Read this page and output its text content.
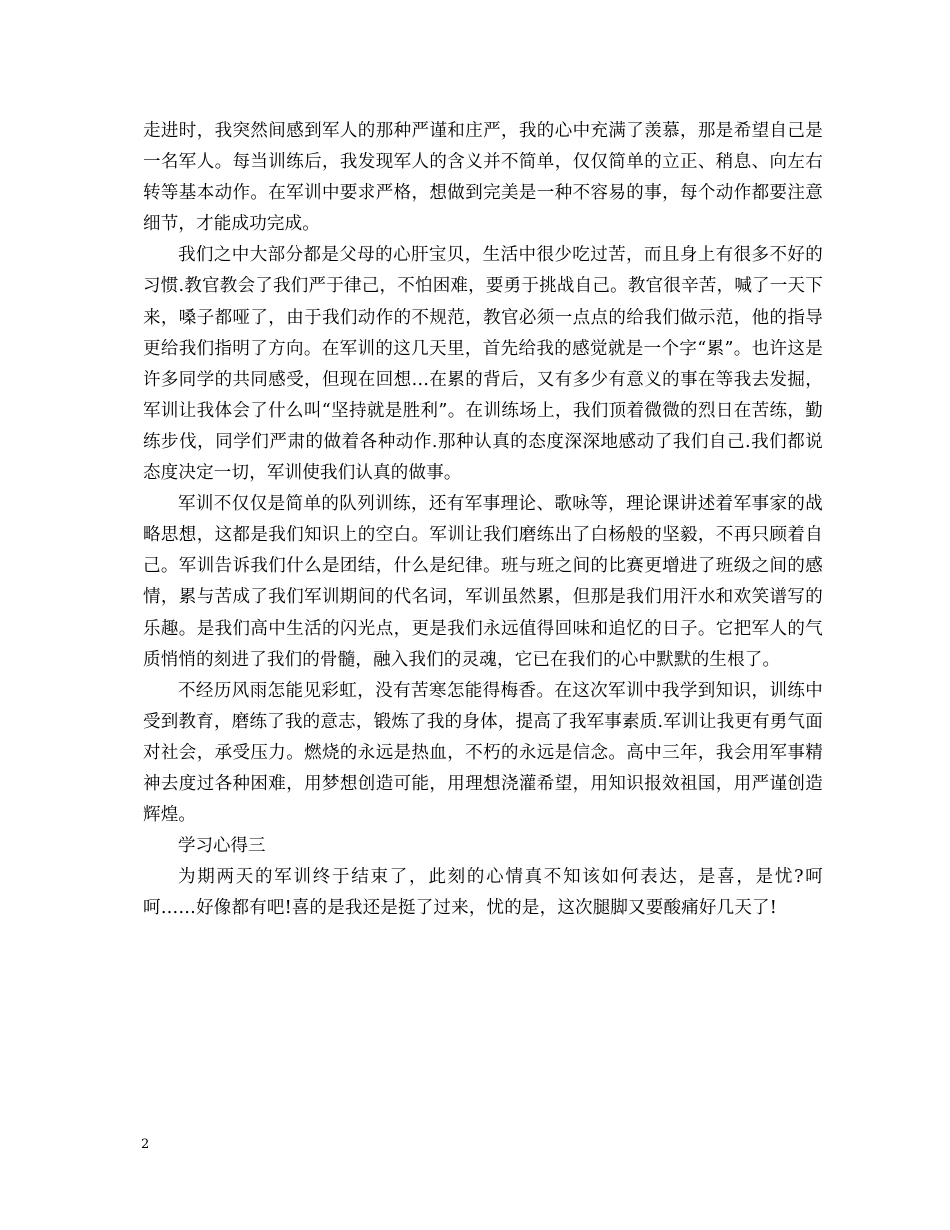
走进时，我突然间感到军人的那种严谨和庄严，我的心中充满了羡慕，那是希望自己是一名军人。每当训练后，我发现军人的含义并不简单，仅仅简单的立正、稍息、向左右转等基本动作。在军训中要求严格，想做到完美是一种不容易的事，每个动作都要注意细节，才能成功完成。

我们之中大部分都是父母的心肝宝贝，生活中很少吃过苦，而且身上有很多不好的习惯.教官教会了我们严于律己，不怕困难，要勇于挑战自己。教官很辛苦，喊了一天下来，嗓子都哑了，由于我们动作的不规范，教官必须一点点的给我们做示范，他的指导更给我们指明了方向。在军训的这几天里，首先给我的感觉就是一个字“累”。也许这是许多同学的共同感受，但现在回想…在累的背后，又有多少有意义的事在等我去发掘，军训让我体会了什么叫“坚持就是胜利”。在训练场上，我们顶着微微的烈日在苦练，勤练步伐，同学们严肃的做着各种动作.那种认真的态度深深地感动了我们自己.我们都说态度决定一切，军训使我们认真的做事。

军训不仅仅是简单的队列训练，还有军事理论、歌咏等，理论课讲述着军事家的战略思想，这都是我们知识上的空白。军训让我们磨练出了白杨般的坚毅，不再只顾着自己。军训告诉我们什么是团结，什么是纪律。班与班之间的比赛更增进了班级之间的感情，累与苦成了我们军训期间的代名词，军训虽然累，但那是我们用汗水和欢笑谱写的乐趣。是我们高中生活的闪光点，更是我们永远值得回味和追忆的日子。它把军人的气质悄悄的刻进了我们的骨髓，融入我们的灵魂，它已在我们的心中默默的生根了。

不经历风雨怎能见彩虹，没有苦寒怎能得梅香。在这次军训中我学到知识，训练中受到教育，磨练了我的意志，锻炼了我的身体，提高了我军事素质.军训让我更有勇气面对社会，承受压力。燃烧的永远是热血，不朽的永远是信念。高中三年，我会用军事精神去度过各种困难，用梦想创造可能，用理想浇灌希望，用知识报效祖国，用严谨创造辉煌。

学习心得三

为期两天的军训终于结束了，此刻的心情真不知该如何表达，是喜，是忧?呵呵……好像都有吧!喜的是我还是挺了过来，忧的是，这次腿脚又要酸痛好几天了!

2
